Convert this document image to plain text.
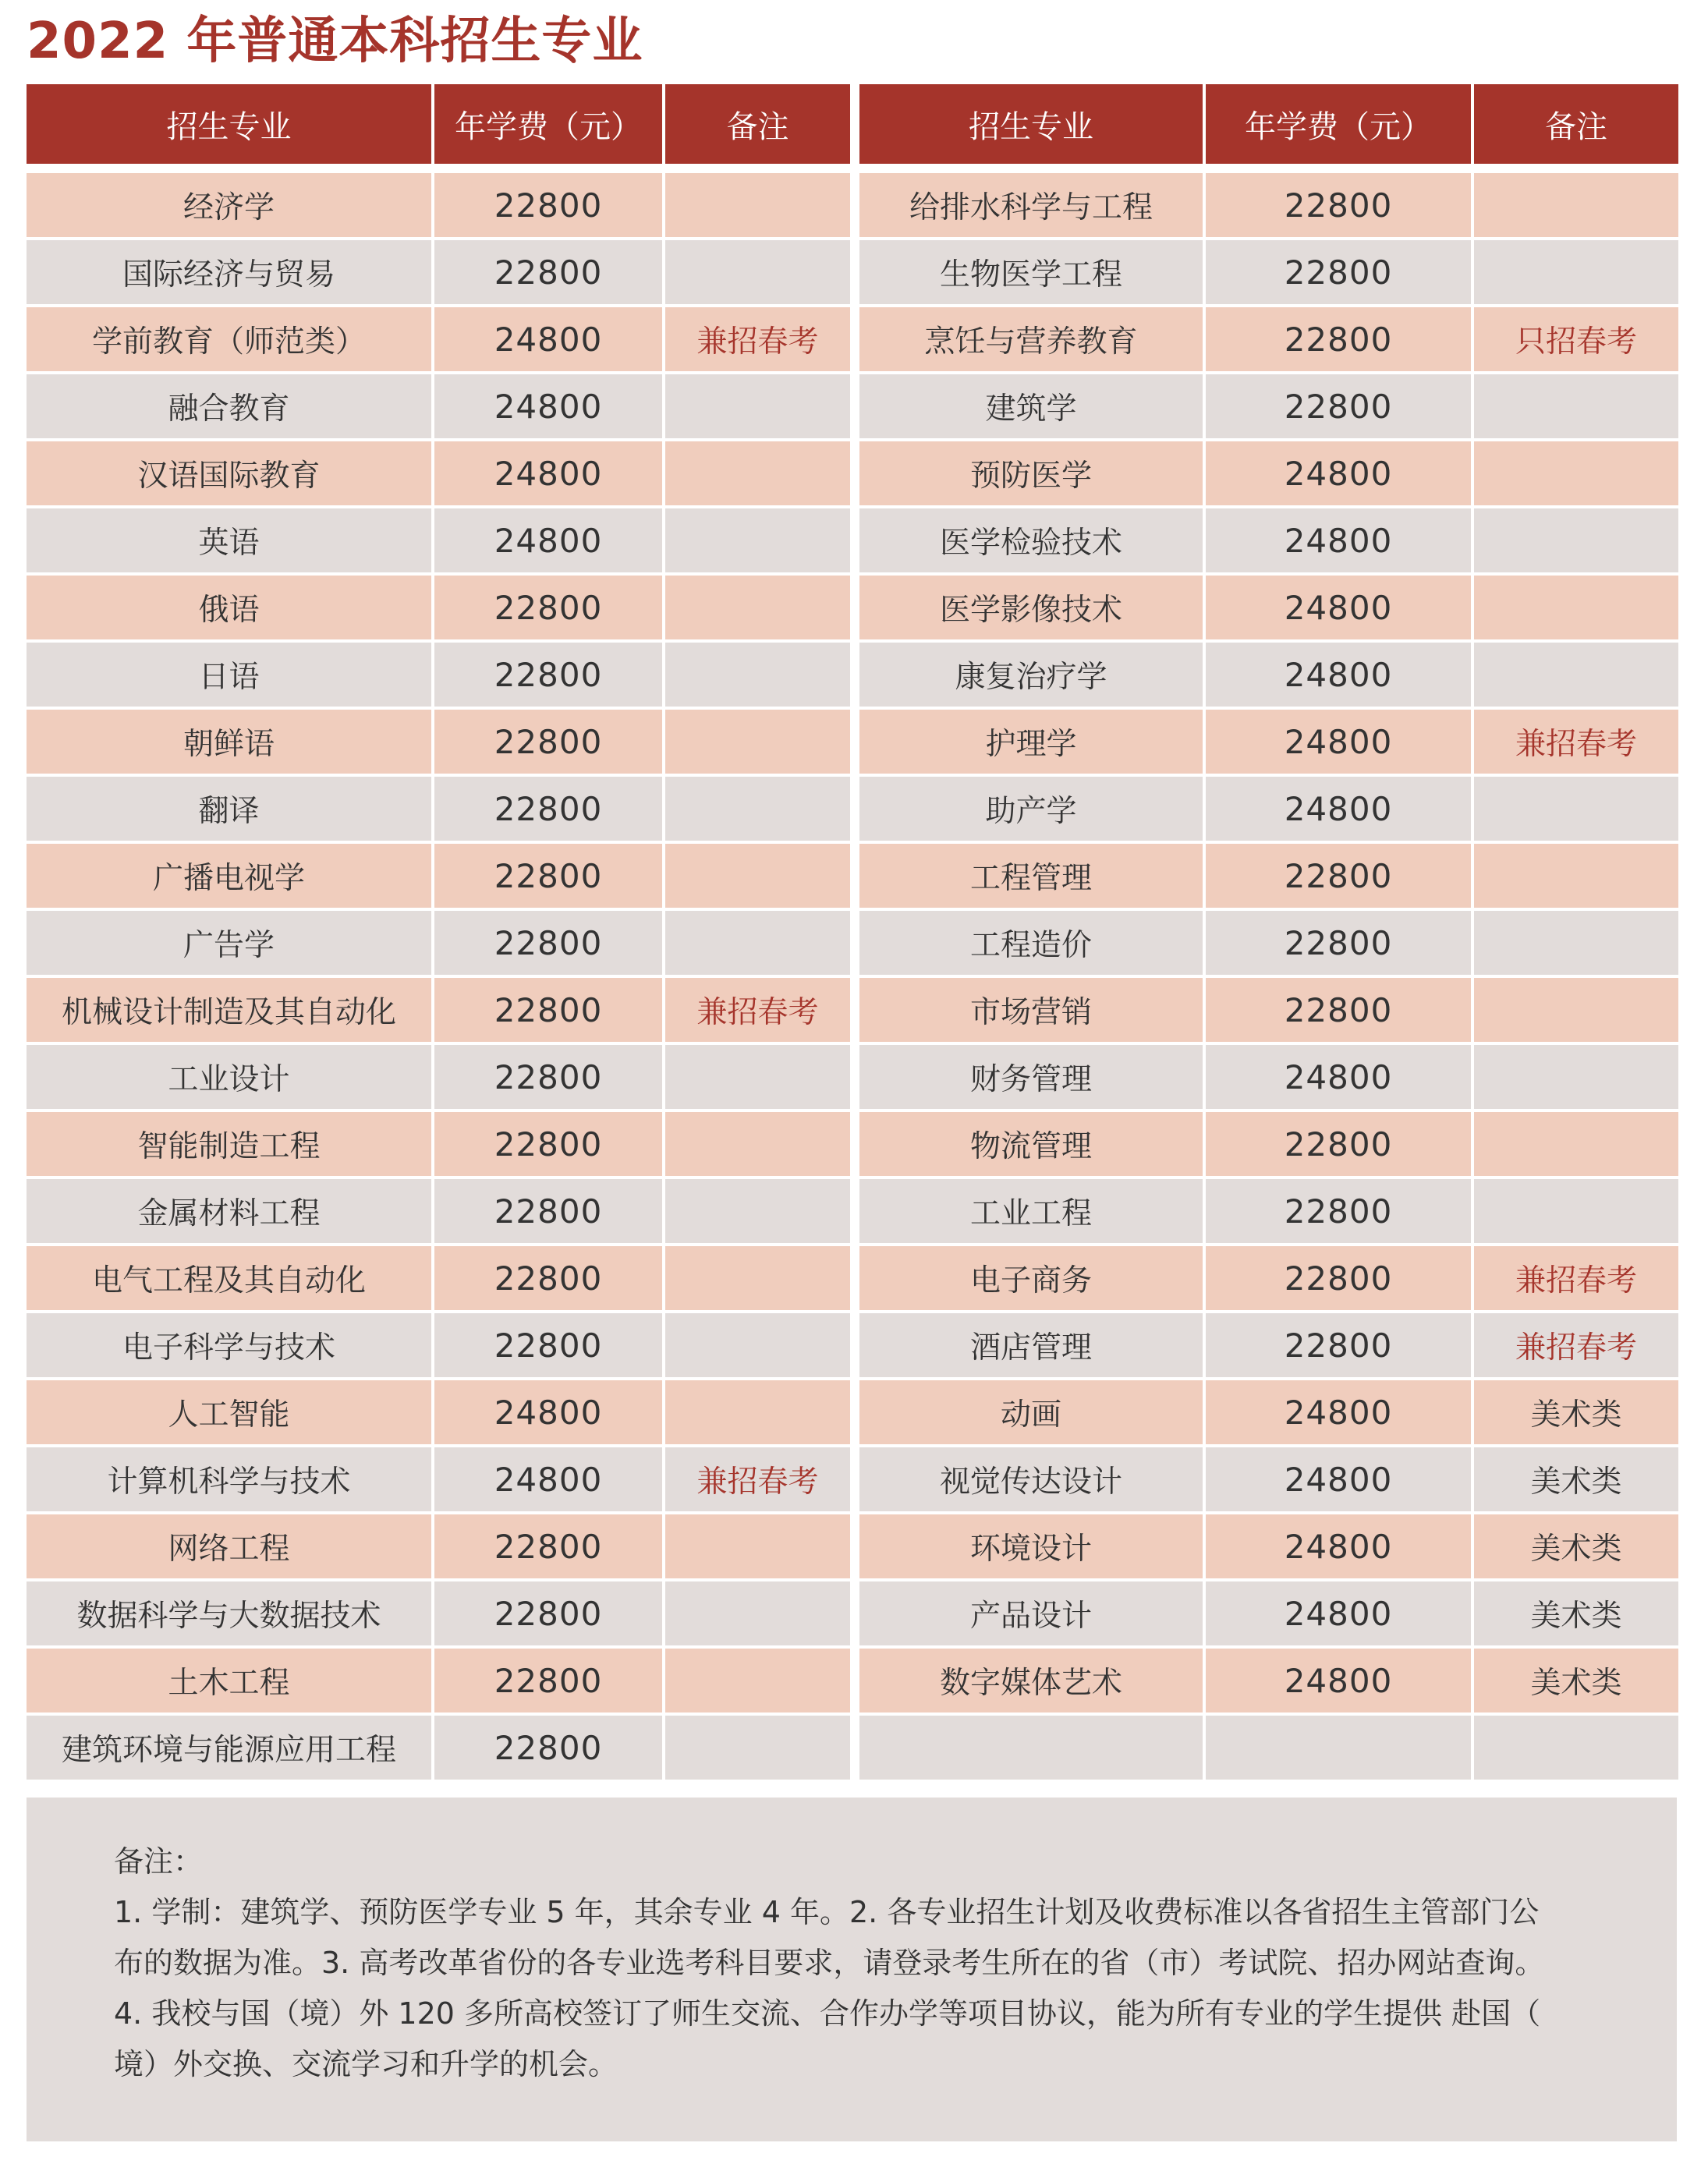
2022 年普通本科招生专业
招生专业	年学费（元）	备注
经济学	22800
国际经济与贸易	22800
学前教育（师范类）	24800	兼招春考
融合教育	24800
汉语国际教育	24800
英语	24800
俄语	22800
日语	22800
朝鲜语	22800
翻译	22800
广播电视学	22800
广告学	22800
机械设计制造及其自动化	22800	兼招春考
工业设计	22800
智能制造工程	22800
金属材料工程	22800
电气工程及其自动化	22800
电子科学与技术	22800
人工智能	24800
计算机科学与技术	24800	兼招春考
网络工程	22800
数据科学与大数据技术	22800
土木工程	22800
建筑环境与能源应用工程	22800
招生专业	年学费（元）	备注
给排水科学与工程	22800
生物医学工程	22800
烹饪与营养教育	22800	只招春考
建筑学	22800
预防医学	24800
医学检验技术	24800
医学影像技术	24800
康复治疗学	24800
护理学	24800	兼招春考
助产学	24800
工程管理	22800
工程造价	22800
市场营销	22800
财务管理	24800
物流管理	22800
工业工程	22800
电子商务	22800	兼招春考
酒店管理	22800	兼招春考
动画	24800	美术类
视觉传达设计	24800	美术类
环境设计	24800	美术类
产品设计	24800	美术类
数字媒体艺术	24800	美术类

备注：

1. 学制：建筑学、预防医学专业 5 年，其余专业 4 年。2. 各专业招生计划及收费标准以各省招生主管部门公

布的数据为准。3. 高考改革省份的各专业选考科目要求，请登录考生所在的省（市）考试院、招办网站查询。

4. 我校与国（境）外 120 多所高校签订了师生交流、合作办学等项目协议，能为所有专业的学生提供 赴国（

境）外交换、交流学习和升学的机会。
